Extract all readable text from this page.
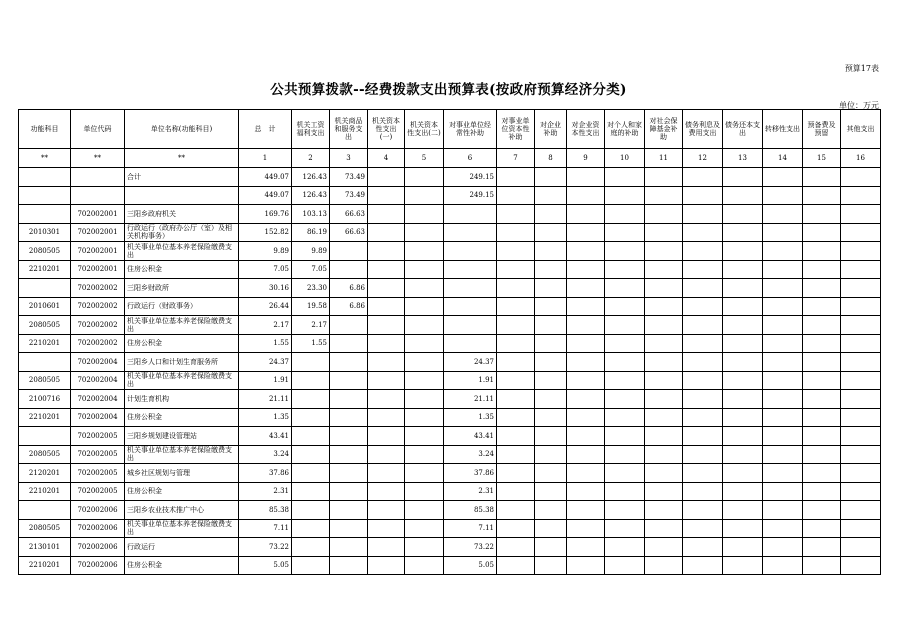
预算17表
公共预算拨款--经费拨款支出预算表(按政府预算经济分类)
单位：万元
功能科目	单位代码	单位名称(功能科目)	总　计	机关工资福利支出	机关商品和服务支出	机关资本性支出(一)	机关资本性支出(二)	对事业单位经常性补助	对事业单位资本性补助	对企业补助	对企业资本性支出	对个人和家庭的补助	对社会保障基金补助	债务利息及费用支出	债务还本支出	转移性支出	预备费及预留	其他支出
**	**	**	1	2	3	4	5	6	7	8	9	10	11	12	13	14	15	16
		合计	449.07	126.43	73.49			249.15										
			449.07	126.43	73.49			249.15										
	702002001	三阳乡政府机关	169.76	103.13	66.63													
2010301	702002001	行政运行（政府办公厅（室）及相关机构事务）	152.82	86.19	66.63													
2080505	702002001	机关事业单位基本养老保险缴费支出	9.89	9.89														
2210201	702002001	住房公积金	7.05	7.05														
	702002002	三阳乡财政所	30.16	23.30	6.86													
2010601	702002002	行政运行（财政事务）	26.44	19.58	6.86													
2080505	702002002	机关事业单位基本养老保险缴费支出	2.17	2.17														
2210201	702002002	住房公积金	1.55	1.55														
	702002004	三阳乡人口和计划生育服务所	24.37					24.37										
2080505	702002004	机关事业单位基本养老保险缴费支出	1.91					1.91										
2100716	702002004	计划生育机构	21.11					21.11										
2210201	702002004	住房公积金	1.35					1.35										
	702002005	三阳乡规划建设管理站	43.41					43.41										
2080505	702002005	机关事业单位基本养老保险缴费支出	3.24					3.24										
2120201	702002005	城乡社区规划与管理	37.86					37.86										
2210201	702002005	住房公积金	2.31					2.31										
	702002006	三阳乡农业技术推广中心	85.38					85.38										
2080505	702002006	机关事业单位基本养老保险缴费支出	7.11					7.11										
2130101	702002006	行政运行	73.22					73.22										
2210201	702002006	住房公积金	5.05					5.05										
